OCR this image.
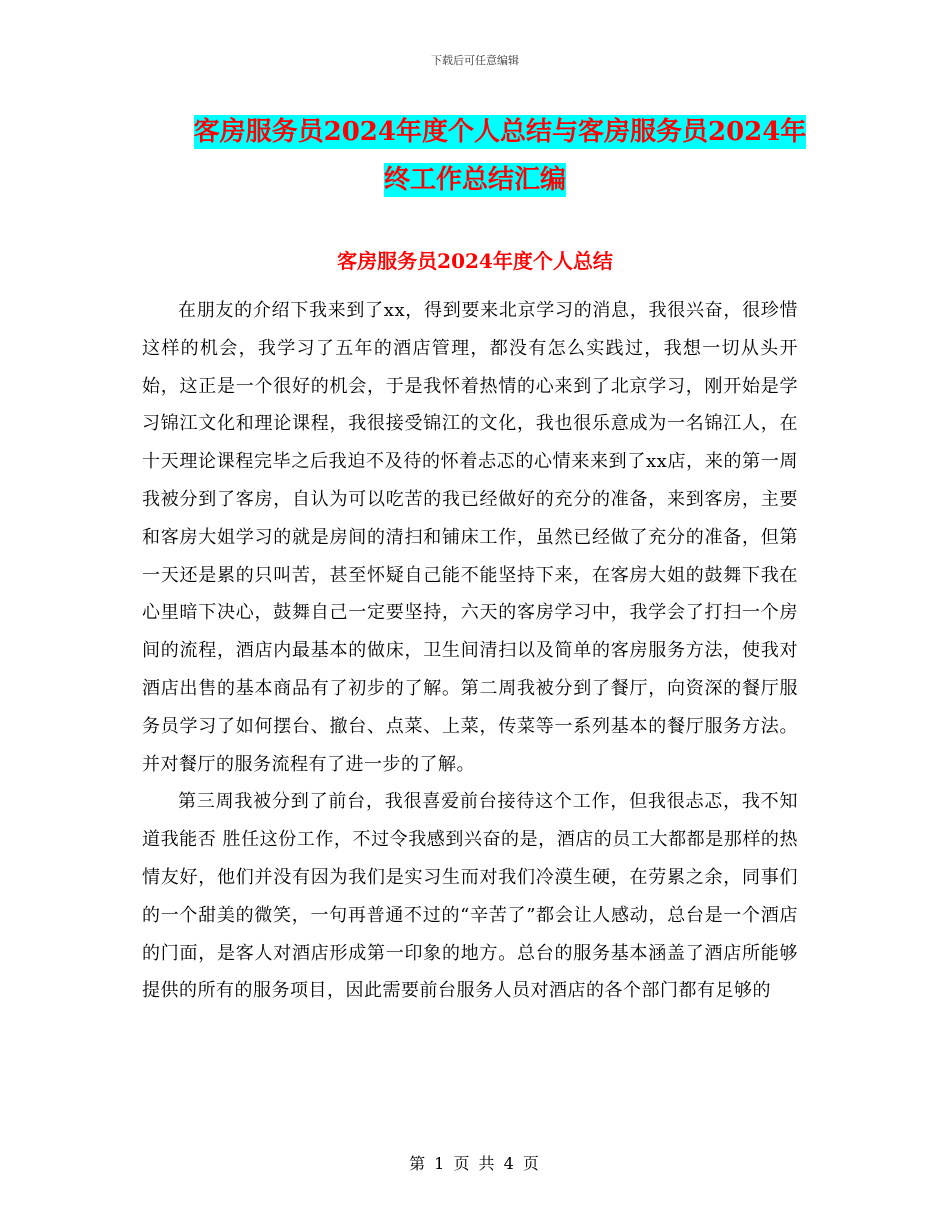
下载后可任意编辑
客房服务员2024年度个人总结与客房服务员2024年
终工作总结汇编
客房服务员2024年度个人总结

在朋友的介绍下我来到了xx，得到要来北京学习的消息，我很兴奋，很珍惜这样的机会，我学习了五年的酒店管理，都没有怎么实践过，我想一切从头开始，这正是一个很好的机会，于是我怀着热情的心来到了北京学习，刚开始是学习锦江文化和理论课程，我很接受锦江的文化，我也很乐意成为一名锦江人，在十天理论课程完毕之后我迫不及待的怀着忐忑的心情来来到了xx店，来的第一周我被分到了客房，自认为可以吃苦的我已经做好的充分的准备，来到客房，主要和客房大姐学习的就是房间的清扫和铺床工作，虽然已经做了充分的准备，但第一天还是累的只叫苦，甚至怀疑自己能不能坚持下来，在客房大姐的鼓舞下我在心里暗下决心，鼓舞自己一定要坚持，六天的客房学习中，我学会了打扫一个房间的流程，酒店内最基本的做床，卫生间清扫以及简单的客房服务方法，使我对酒店出售的基本商品有了初步的了解。第二周我被分到了餐厅，向资深的餐厅服务员学习了如何摆台、撤台、点菜、上菜，传菜等一系列基本的餐厅服务方法。并对餐厅的服务流程有了进一步的了解。

第三周我被分到了前台，我很喜爱前台接待这个工作，但我很忐忑，我不知道我能否 胜任这份工作，不过令我感到兴奋的是，酒店的员工大都都是那样的热情友好，他们并没有因为我们是实习生而对我们冷漠生硬，在劳累之余，同事们的一个甜美的微笑，一句再普通不过的“辛苦了”都会让人感动，总台是一个酒店的门面，是客人对酒店形成第一印象的地方。总台的服务基本涵盖了酒店所能够提供的所有的服务项目，因此需要前台服务人员对酒店的各个部门都有足够的

第 1 页 共 4 页
